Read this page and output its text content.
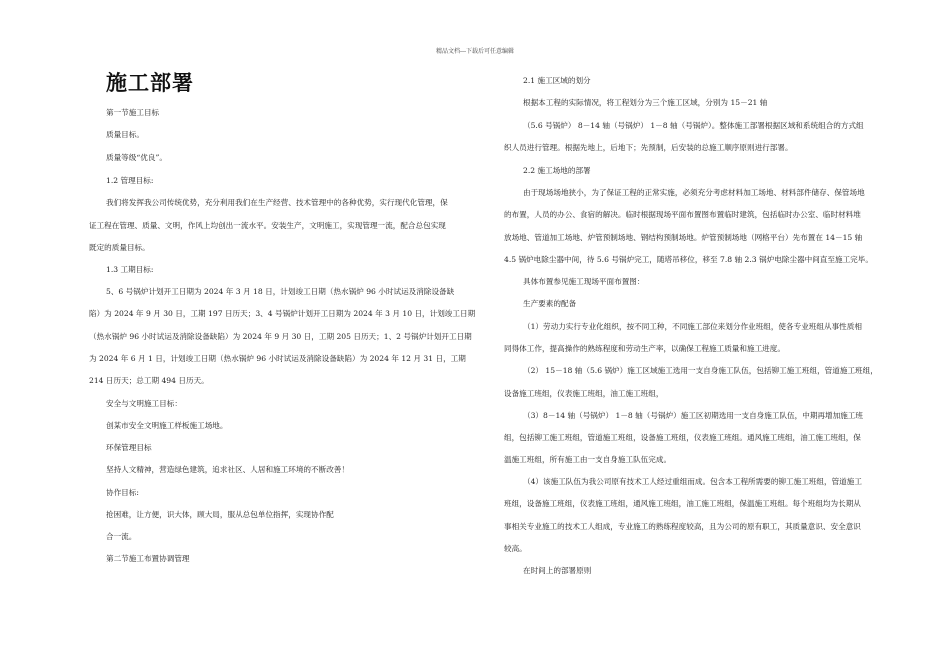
精品文档---下载后可任意编辑
施工部署
第一节施工目标
质量目标。
质量等级“优良”。
1.2 管理目标:
我们将发挥我公司传统优势，充分利用我们在生产经营、技术管理中的各种优势，实行现代化管理，保
证工程在管理、质量、文明，作风上均创出一流水平。安装生产，文明施工，实现管理一流，配合总包实现
既定的质量目标。
1.3 工期目标:
5、6 号锅炉计划开工日期为 2024 年 3 月 18 日，计划竣工日期（热水锅炉 96 小时试运及消除设备缺
陷）为 2024 年 9 月 30 日，工期 197 日历天；3、4 号锅炉计划开工日期为 2024 年 3 月 10 日，计划竣工日期
（热水锅炉 96 小时试运及消除设备缺陷）为 2024 年 9 月 30 日，工期 205 日历天；1、2 号锅炉计划开工日期
为 2024 年 6 月 1 日，计划竣工日期（热水锅炉 96 小时试运及消除设备缺陷）为 2024 年 12 月 31 日，工期
214 日历天；总工期 494 日历天。
安全与文明施工目标：
创某市安全文明施工样板施工场地。
环保管理目标
坚持人文精神，营造绿色建筑，追求社区、人居和施工环境的不断改善！
协作目标:
抢困难，让方便，识大体，顾大局，服从总包单位指挥，实现协作配
合一流。
第二节施工布置协调管理
2.1 施工区域的划分
根据本工程的实际情况，将工程划分为三个施工区域，分别为 15－21 轴
（5.6 号锅炉） 8－14 轴（号锅炉） 1－8 轴（号锅炉）。整体施工部署根据区域和系统组合的方式组
织人员进行管理。根据先地上，后地下；先预制，后安装的总施工顺序原则进行部署。
2.2 施工场地的部署
由于现场场地狭小，为了保证工程的正常实施，必须充分考虑材料加工场地、材料部件储存、保管场地
的布置，人员的办公、食宿的解决。临时根据现场平面布置图布置临时建筑，包括临时办公室、临时材料堆
放场地、管道加工场地、炉管预制场地、钢结构预制场地。炉管预制场地（网格平台）先布置在 14－15 轴
4.5 锅炉电除尘器中间，待 5.6 号锅炉完工，随塔吊移位，移至 7.8 轴 2.3 锅炉电除尘器中间直至施工完毕。
具体布置参见施工现场平面布置图：
生产要素的配备
（1）劳动力实行专业化组织，按不同工种，不同施工部位来划分作业班组，使各专业班组从事性质相
同得体工作，提高操作的熟练程度和劳动生产率，以确保工程施工质量和施工进度。
（2） 15－18 轴（5.6 锅炉）施工区域施工选用一支自身施工队伍，包括铆工施工班组，管道施工班组，
设备施工班组，仪表施工班组，油工施工班组，
（3）8－14 轴（号锅炉） 1－8 轴（号锅炉）施工区初期选用一支自身施工队伍，中期再增加施工班
组，包括铆工施工班组，管道施工班组，设备施工班组，仪表施工班组。通风施工班组，油工施工班组，保
温施工班组，所有施工由一支自身施工队伍完成。
（4）该施工队伍为我公司原有技术工人经过重组而成。包含本工程所需要的铆工施工班组，管道施工
班组，设备施工班组，仪表施工班组，通风施工班组，油工施工班组，保温施工班组。每个班组均为长期从
事相关专业施工的技术工人组成，专业施工的熟练程度较高，且为公司的原有职工，其质量意识、安全意识
较高。
在时间上的部署原则
